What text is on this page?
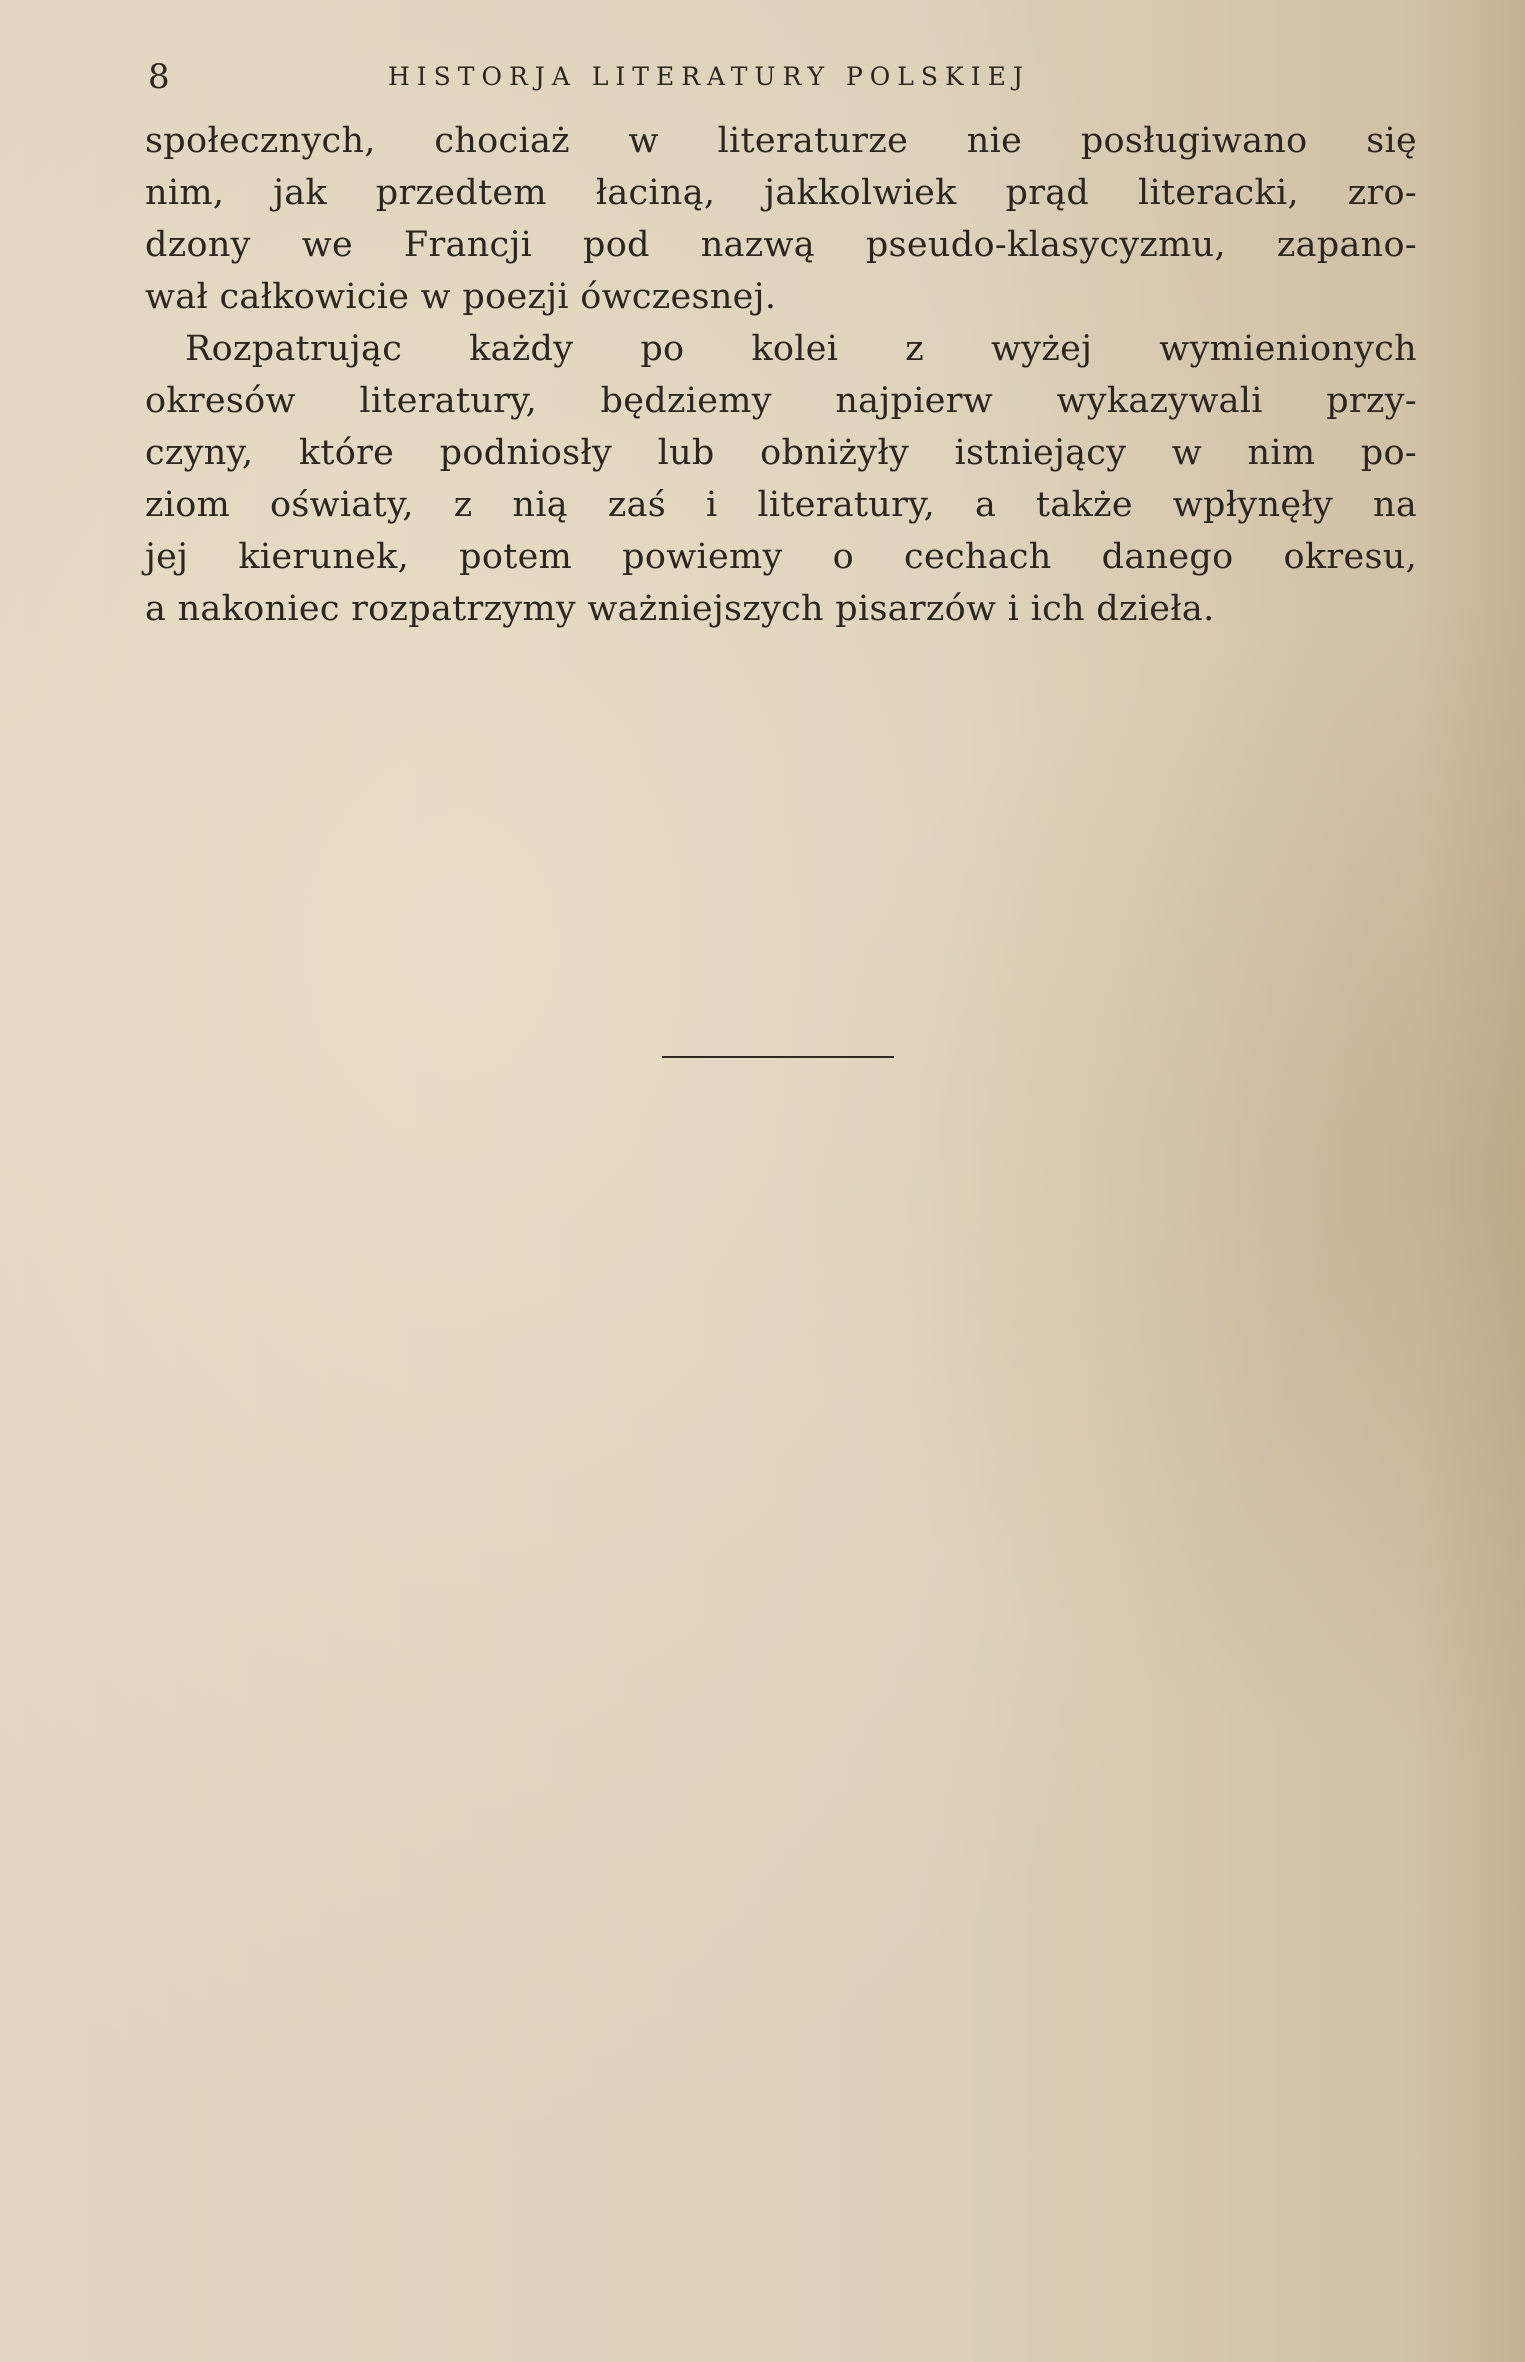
8	HISTORJA LITERATURY POLSKIEJ
społecznych, chociaż w literaturze nie posługiwano się
nim, jak przedtem łaciną, jakkolwiek prąd literacki, zro-
dzony we Francji pod nazwą pseudo-klasycyzmu, zapano-
wał całkowicie w poezji ówczesnej.
Rozpatrując każdy po kolei z wyżej wymienionych
okresów literatury, będziemy najpierw wykazywali przy-
czyny, które podniosły lub obniżyły istniejący w nim po-
ziom oświaty, z nią zaś i literatury, a także wpłynęły na
jej kierunek, potem powiemy o cechach danego okresu,
a nakoniec rozpatrzymy ważniejszych pisarzów i ich dzieła.
